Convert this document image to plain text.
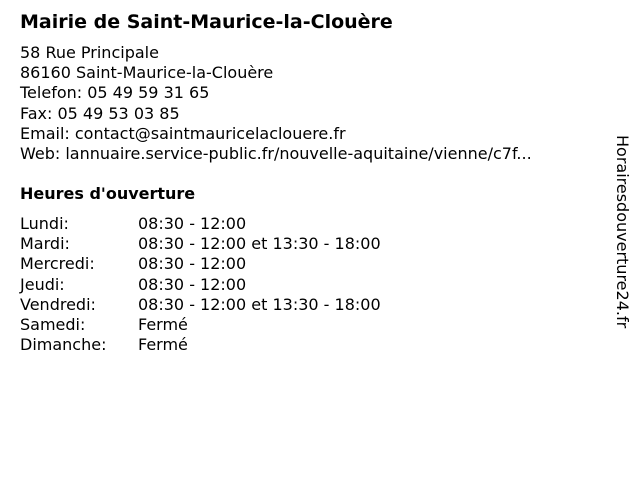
Mairie de Saint-Maurice-la-Clouère
58 Rue Principale
86160 Saint-Maurice-la-Clouère
Telefon: 05 49 59 31 65
Fax: 05 49 53 03 85
Email: contact@saintmauricelaclouere.fr
Web: lannuaire.service-public.fr/nouvelle-aquitaine/vienne/c7f...
Heures d'ouverture
Lundi:	08:30 - 12:00
Mardi:	08:30 - 12:00 et 13:30 - 18:00
Mercredi:	08:30 - 12:00
Jeudi:	08:30 - 12:00
Vendredi:	08:30 - 12:00 et 13:30 - 18:00
Samedi:	Fermé
Dimanche: Fermé
Horairesdouverture24.fr
